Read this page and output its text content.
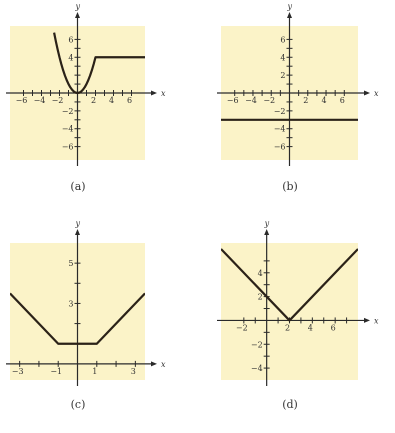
x
y
−6 −4 −2	2 4 6
6
4
−2
−4
−6
(a)
x
y
−6 −4 −2	2 4 6
6
4
2
−2
−4
−6
(b)
x
y
−3	−1	1	3
5
3
(c)
x
y
−2	2 4 6
4
2
−2
−4
(d)
